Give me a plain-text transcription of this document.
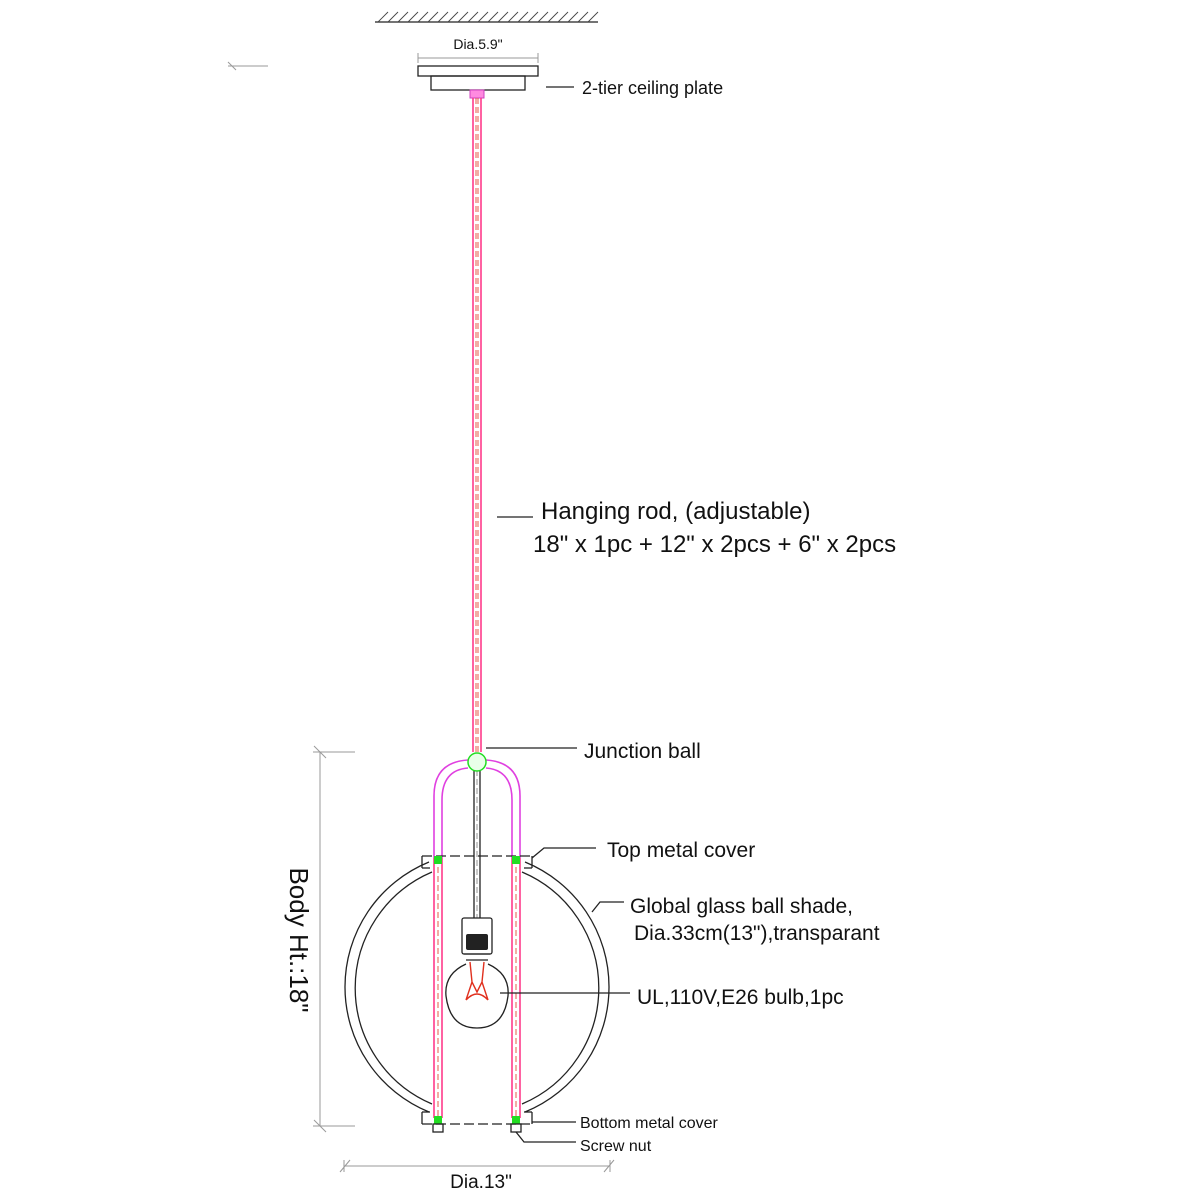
Dia.5.9"
2-tier ceiling plate
Hanging rod, (adjustable)
18" x 1pc + 12" x 2pcs + 6" x 2pcs
Body Ht.:18"
Junction ball
Global glass ball shade,
Dia.33cm(13"),transparant
Top metal cover
UL,110V,E26 bulb,1pc
Bottom metal cover
Screw nut
Dia.13"
